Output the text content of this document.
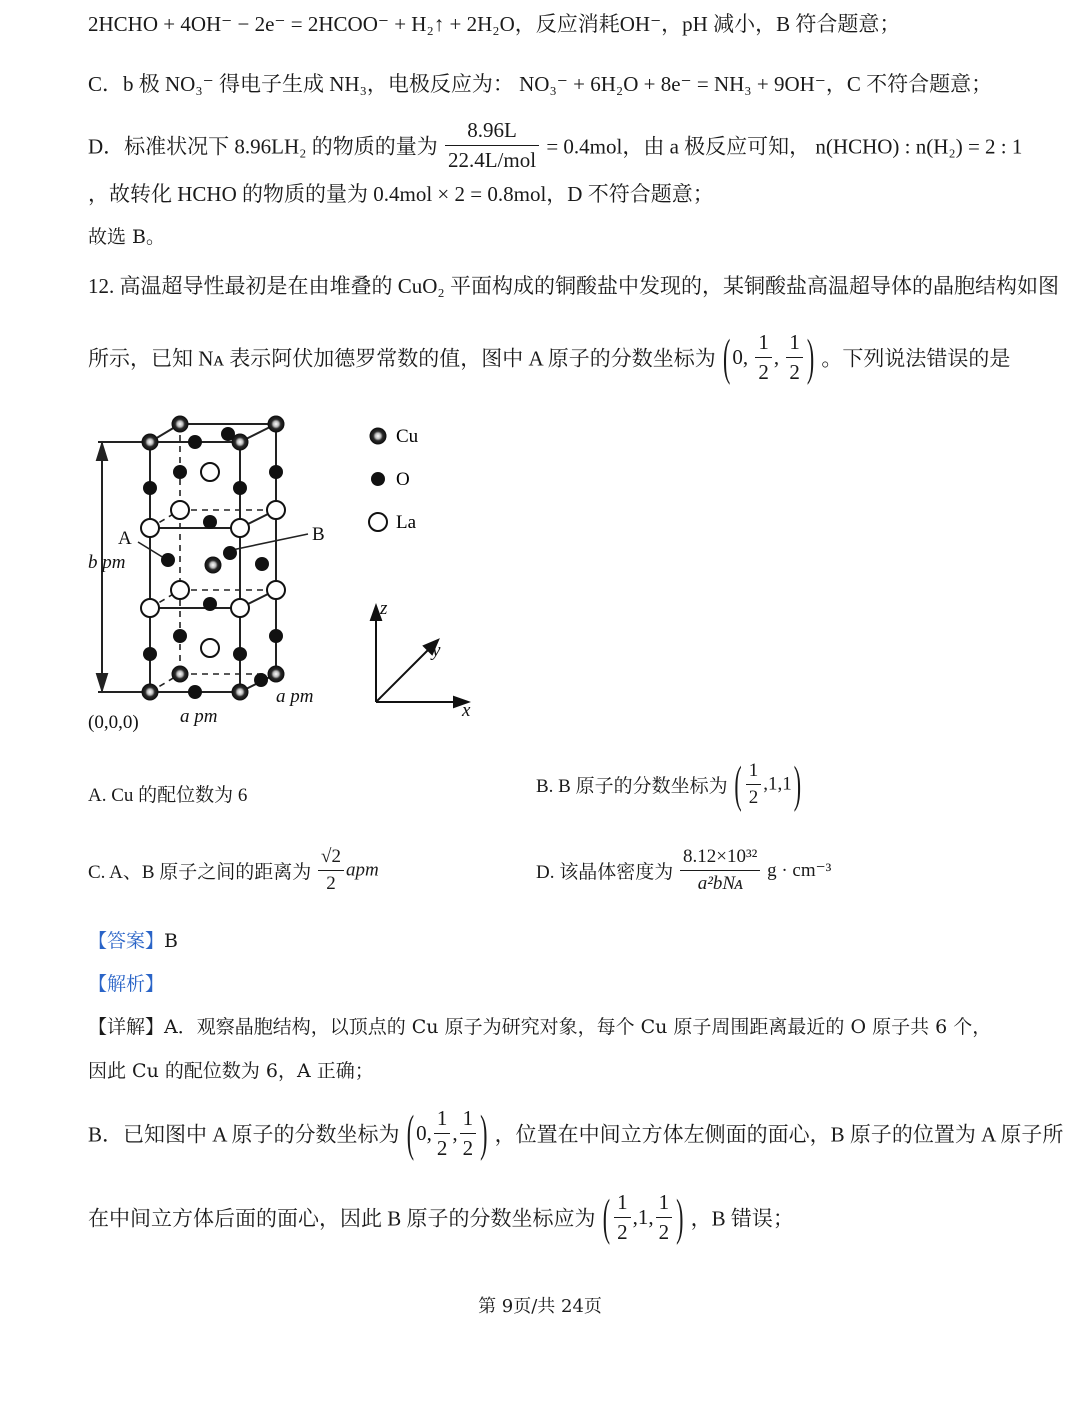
2HCHO + 4OH⁻ − 2e⁻ = 2HCOO⁻ + H₂↑ + 2H₂O，反应消耗OH⁻，pH 减小，B 符合题意；
C．b 极 NO₃⁻ 得电子生成 NH₃，电极反应为： NO₃⁻ + 6H₂O + 8e⁻ = NH₃ + 9OH⁻，C 不符合题意；
D．标准状况下 8.96LH₂ 的物质的量为 $\frac{8.96L}{\text{22.4L/mol}} = 0.4mol$，由 a 极反应可知， n(HCHO) : n(H₂) = 2 : 1
，故转化 HCHO 的物质的量为 0.4mol × 2 = 0.8mol，D 不符合题意；
故选 B。
12. 高温超导性最初是在由堆叠的 CuO₂ 平面构成的铜酸盐中发现的，某铜酸盐高温超导体的晶胞结构如图
所示，已知 Nᴀ 表示阿伏加德罗常数的值，图中 A 原子的分数坐标为 (0, $\frac{1}{2}$ , $\frac{1}{2}$ ) 。下列说法错误的是
A	B
b pm
a pm
a pm
(0,0,0)
Cu
O
La
x
y
z
A. Cu 的配位数为 6	B. B 原子的分数坐标为 ( $\frac{1}{2} ,1,1$)
C. A、B 原子之间的距离为 $\frac{√2}{2}$ apm	D. 该晶体密度为 $\frac{\text{8.12×10³²}}{\text{a²bNᴀ}}$ g · cm⁻³
【答案】B
【解析】
【详解】A．观察晶胞结构，以顶点的 Cu 原子为研究对象，每个 Cu 原子周围距离最近的 O 原子共 6 个，
因此 Cu 的配位数为 6，A 正确；
B．已知图中 A 原子的分数坐标为 (0, $\frac{1}{2}$ , $\frac{1}{2}$ ) ，位置在中间立方体左侧面的面心，B 原子的位置为 A 原子所
在中间立方体后面的面心，因此 B 原子的分数坐标应为 ( $\frac{1}{2} ,1$, $\frac{1}{2}$ ) ，B 错误；
第 9页/共 24页
